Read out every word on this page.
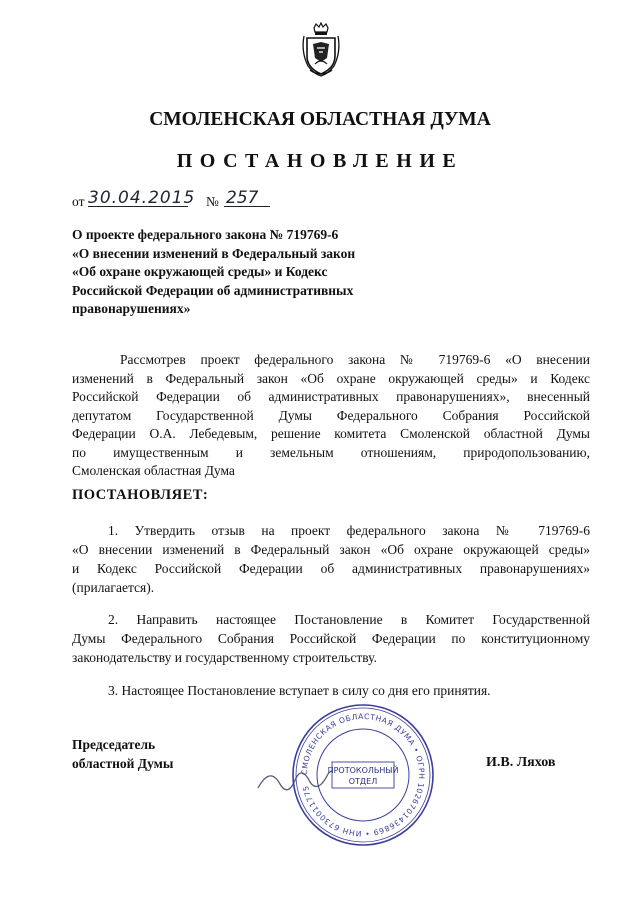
СМОЛЕНСКАЯ ОБЛАСТНАЯ ДУМА
ПОСТАНОВЛЕНИЕ
от 30.04.2015 № 257
О проекте федерального закона № 719769-6
«О внесении изменений в Федеральный закон
«Об охране окружающей среды» и Кодекс
Российской Федерации об административных
правонарушениях»
Рассмотрев проект федерального закона № 719769-6 «О внесении
изменений в Федеральный закон «Об охране окружающей среды» и Кодекс
Российской Федерации об административных правонарушениях», внесенный
депутатом Государственной Думы Федерального Собрания Российской
Федерации О.А. Лебедевым, решение комитета Смоленской областной Думы
по имущественным и земельным отношениям, природопользованию,
Смоленская областная Дума
ПОСТАНОВЛЯЕТ:
1. Утвердить отзыв на проект федерального закона № 719769-6
«О внесении изменений в Федеральный закон «Об охране окружающей среды»
и Кодекс Российской Федерации об административных правонарушениях»
(прилагается).
2. Направить настоящее Постановление в Комитет Государственной
Думы Федерального Собрания Российской Федерации по конституционному
законодательству и государственному строительству.
3. Настоящее Постановление вступает в силу со дня его принятия.
Председатель
областной Думы	И.В. Ляхов
СМОЛЕНСКАЯ ОБЛАСТНАЯ ДУМА • ОГРН 1026701436869 • ИНН 6730011775
ПРОТОКОЛЬНЫЙ
ОТДЕЛ
